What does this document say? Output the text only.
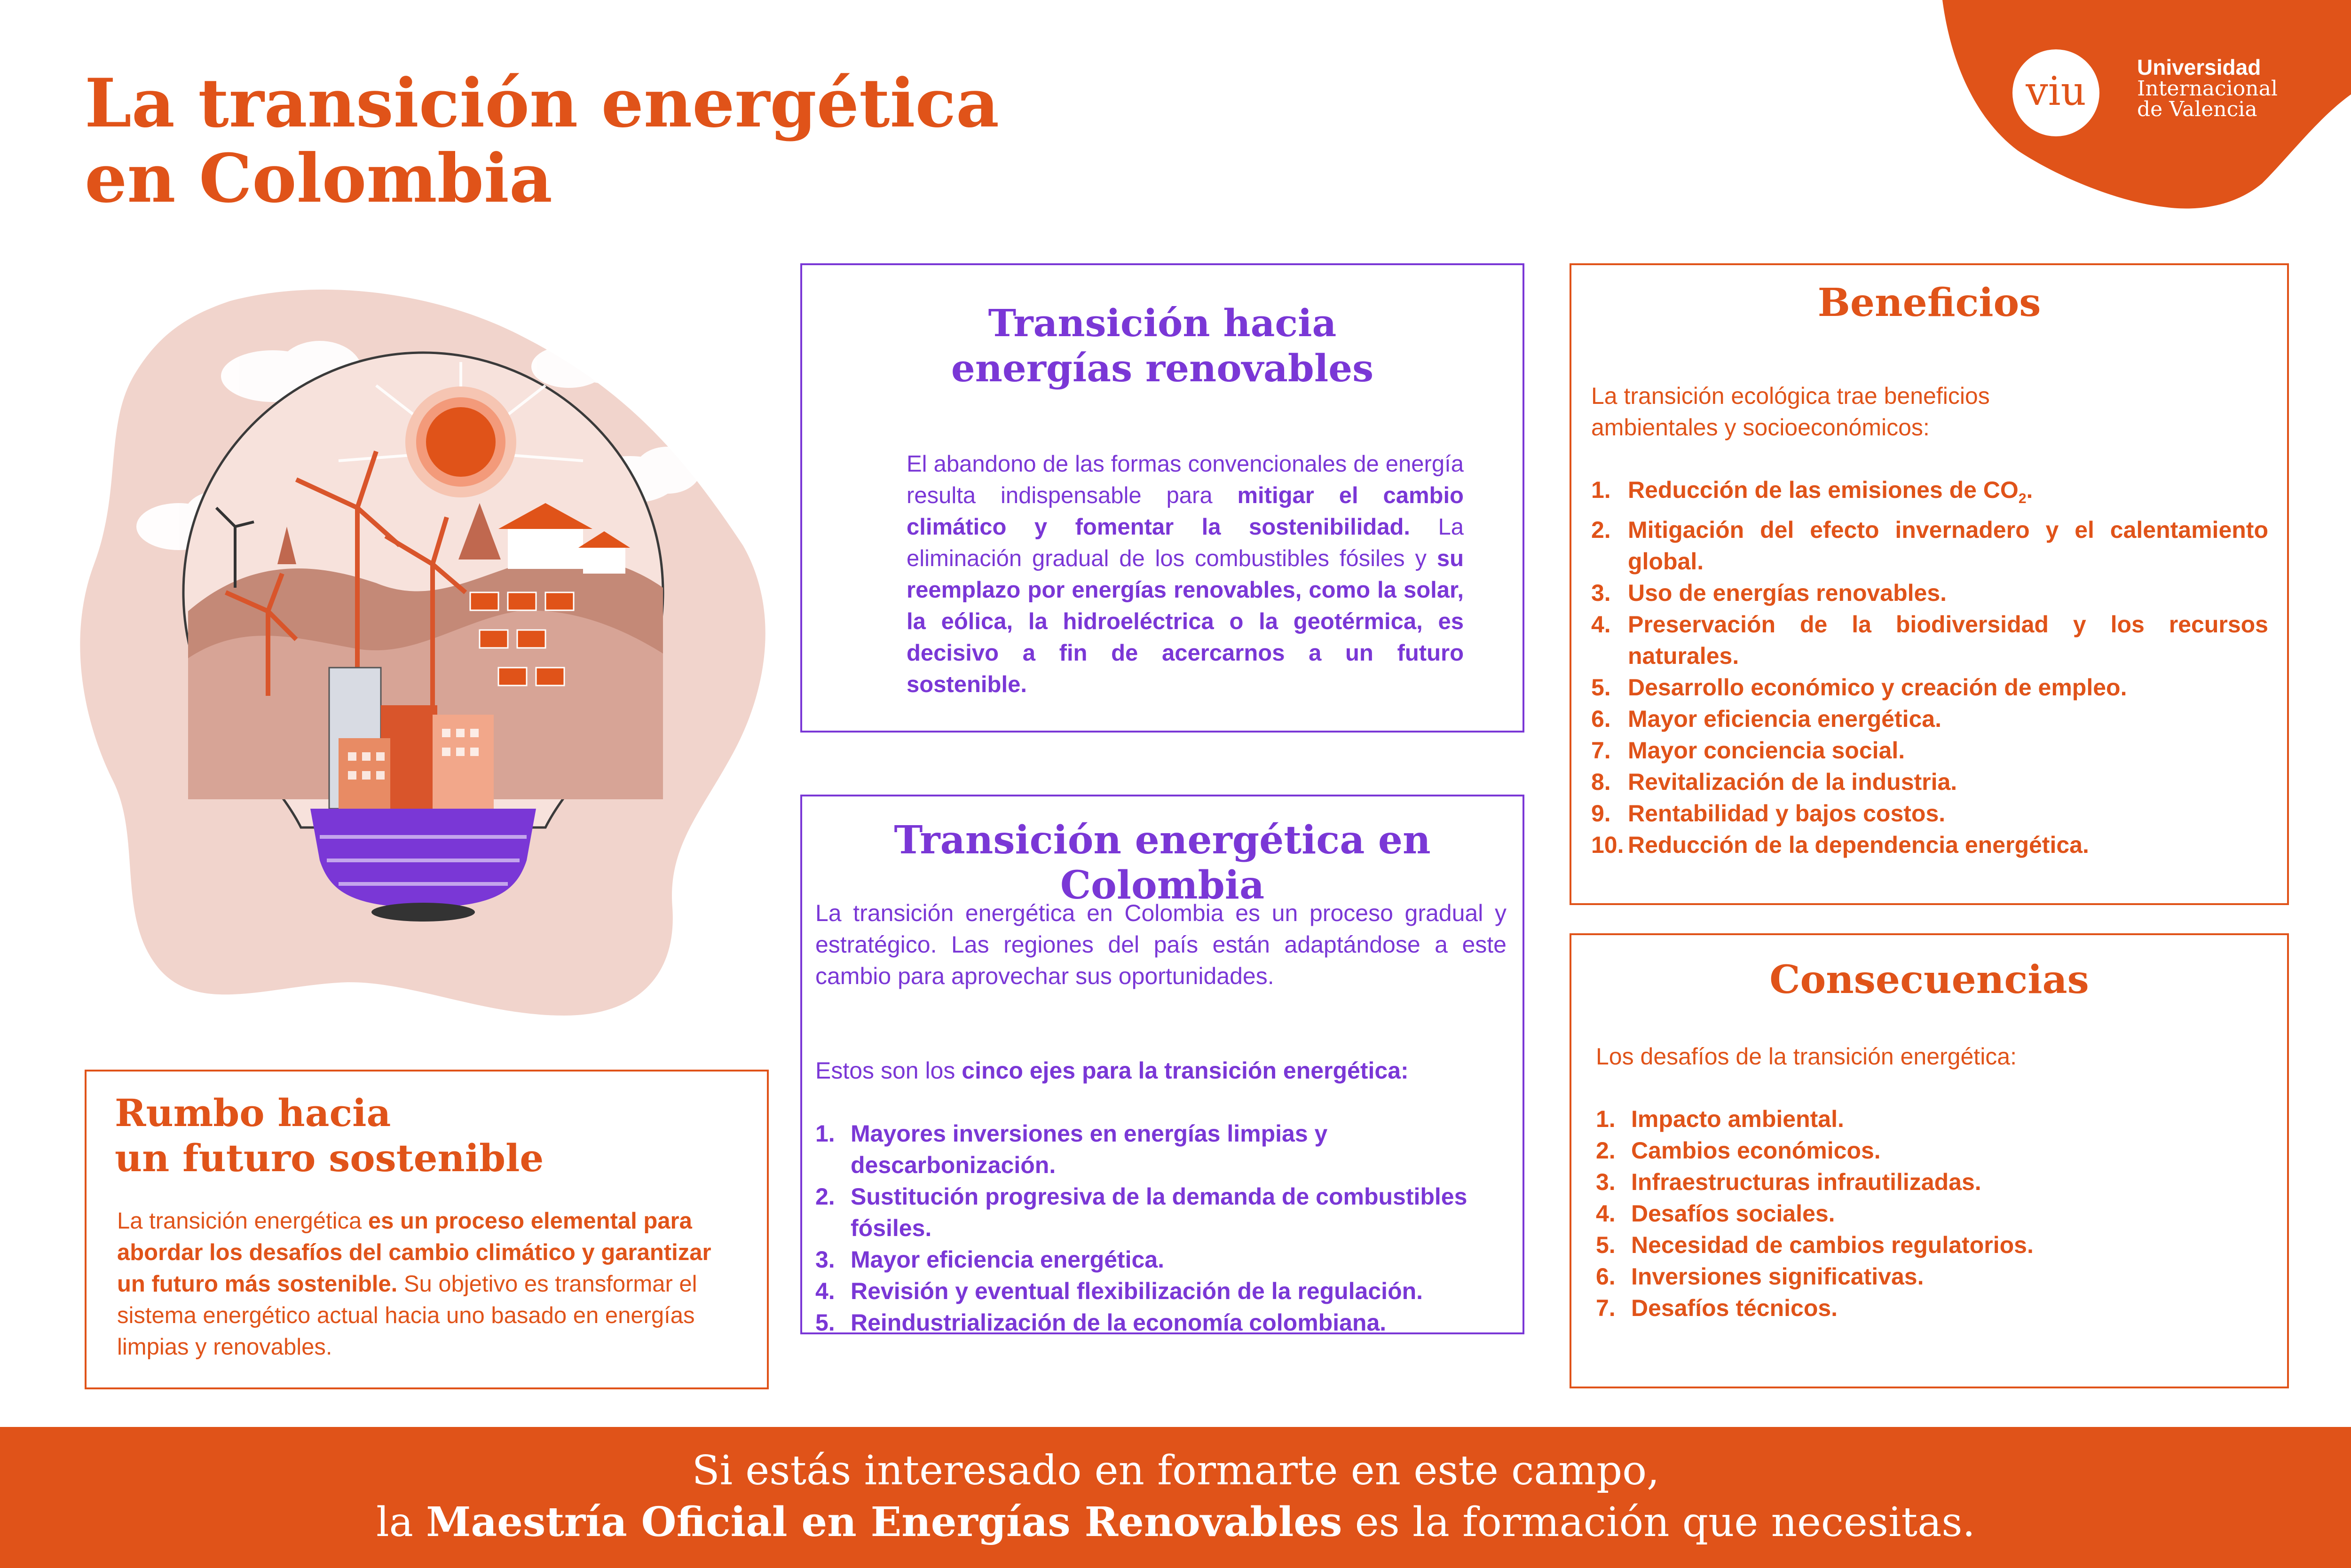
La transición energética
en Colombia
viu
Universidad
Internacional
de Valencia
Rumbo hacia
un futuro sostenible

La transición energética es un proceso elemental para abordar los desafíos del cambio climático y garantizar un futuro más sostenible. Su objetivo es transformar el sistema energético actual hacia uno basado en energías limpias y renovables.

Transición hacia
energías renovables

El abandono de las formas convencionales de energía resulta indispensable para mitigar el cambio climático y fomentar la sostenibilidad. La eliminación gradual de los combustibles fósiles y su reemplazo por energías renovables, como la solar, la eólica, la hidroeléctrica o la geotérmica, es decisivo a fin de acercarnos a un futuro sostenible.

Transición energética en Colombia

La transición energética en Colombia es un proceso gradual y estratégico. Las regiones del país están adaptándose a este cambio para aprovechar sus oportunidades.

Estos son los cinco ejes para la transición energética:

1. Mayores inversiones en energías limpias y descarbonización.
2. Sustitución progresiva de la demanda de combustibles fósiles.
3. Mayor eficiencia energética.
4. Revisión y eventual flexibilización de la regulación.
5. Reindustrialización de la economía colombiana.
Beneficios

La transición ecológica trae beneficios ambientales y socioeconómicos:

1. Reducción de las emisiones de $CO_2$.
2. Mitigación del efecto invernadero y el calentamiento global.
3. Uso de energías renovables.
4. Preservación de la biodiversidad y los recursos naturales.
5. Desarrollo económico y creación de empleo.
6. Mayor eficiencia energética.
7. Mayor conciencia social.
8. Revitalización de la industria.
9. Rentabilidad y bajos costos.
10. Reducción de la dependencia energética.
Consecuencias

Los desafíos de la transición energética:

1. Impacto ambiental.
2. Cambios económicos.
3. Infraestructuras infrautilizadas.
4. Desafíos sociales.
5. Necesidad de cambios regulatorios.
6. Inversiones significativas.
7. Desafíos técnicos.
Si estás interesado en formarte en este campo,
la Maestría Oficial en Energías Renovables es la formación que necesitas.
